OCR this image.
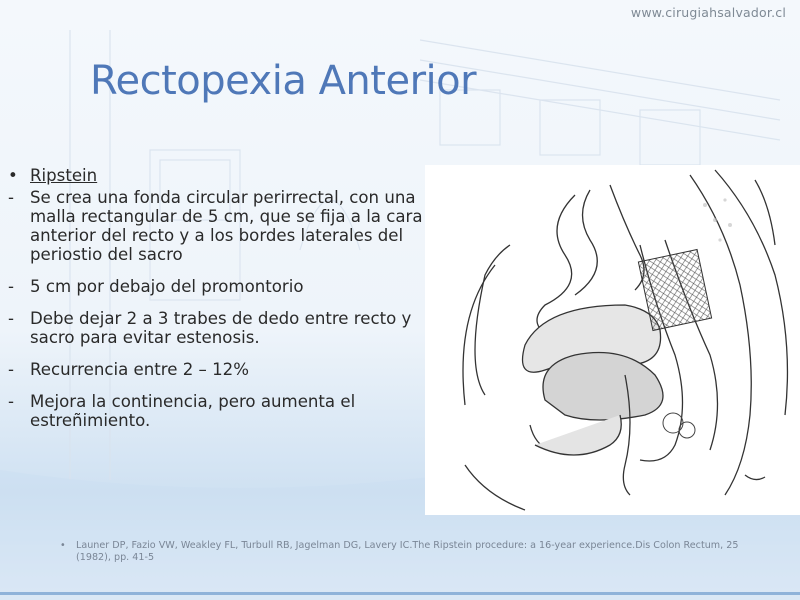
www.cirugiahsalvador.cl
Rectopexia Anterior
• Ripstein
- Se crea una fonda circular perirrectal, con una malla rectangular de 5 cm, que se fija a la cara anterior del recto y a los bordes laterales del periostio del sacro
- 5 cm por debajo del promontorio
- Debe dejar 2 a 3 trabes de dedo entre recto y sacro para evitar estenosis.
- Recurrencia entre 2 – 12%
- Mejora la continencia, pero aumenta el estreñimiento.
•	Launer DP, Fazio VW, Weakley FL, Turbull RB, Jagelman DG, Lavery IC.The Ripstein procedure: a 16-year experience.Dis Colon Rectum, 25 (1982), pp. 41-5
